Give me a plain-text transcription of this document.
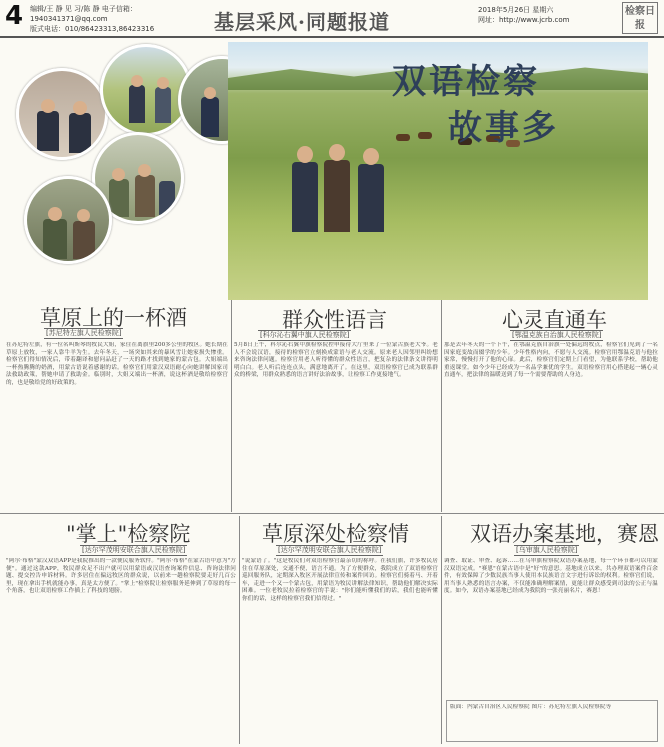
4 编辑/王 静 见 习/陈 静 电子信箱：1940341371@qq.com
版式电话：010/86423313,86423316	基层采风·同题报道	2018年5月26日 星期六
网址：http://www.jcrb.com
检察日报
双语检察
故事多
草原上的一杯酒
[苏尼特左旗人民检察院]
在苏尼特左旗，有一位名叫斯琴的牧民大姐，家住在离旗里200多公里的牧区。她长期在草原上放牧，一家人靠牛羊为生。去年冬天，一场突如其来的暴风雪让她家损失惨重。检察官们得知情况后，带着翻译和慰问品赶了一天的路才找到她家的蒙古包。大姐端出一杯热腾腾的奶酒，用蒙古语说着感谢的话。检察官们用蒙汉双语耐心向她讲解国家司法救助政策，帮她申请了救助金。临别时，大姐又端出一杯酒，说这杯酒是敬给检察官的，也是敬给党的好政策的。
群众性语言
[科尔沁右翼中旗人民检察院]
5月8日上午，科尔沁右翼中旗检察院控申接待大厅里来了一位蒙古族老大爷。老人不会说汉语，接待的检察官立刻换成蒙语与老人交流。原来老人因邻里纠纷想来咨询法律问题。检察官用老人听得懂的群众性语言，把复杂的法律条文讲得明明白白。老人听后连连点头，满意地离开了。在这里，双语检察官已成为联系群众的桥梁，用群众熟悉的语言讲好法治故事，让检察工作更接地气。
心灵直通车
[鄂温克族自治旗人民检察院]
那是去年冬天的一个下午，在鄂温克族自治旗一处偏远的牧点，检察官们见到了一名因家庭变故而辍学的少年。少年性格内向，不愿与人交流。检察官用鄂温克语与他拉家常，慢慢打开了他的心扉。此后，检察官们定期上门看望，为他联系学校，帮助他重返课堂。如今少年已经成为一名品学兼优的学生。双语检察官用心搭建起一辆心灵直通车，把法律的温暖送到了每一个需要帮助的人身边。
"掌上"检察院
[达尔罕茂明安联合旗人民检察院]
"阿尔·布格"蒙汉双语APP是我院推出的一款便民服务软件。"阿尔·布格"在蒙古语中意为"方便"。通过这款APP，牧民群众足不出户就可以用蒙语或汉语查询案件信息、咨询法律问题、提交控告申诉材料。许多居住在偏远牧区的群众说，以前来一趟检察院要走好几百公里，现在拿出手机就能办事，真是太方便了。"掌上"检察院让检察服务延伸到了草原的每一个角落，也让双语检察工作插上了科技的翅膀。
草原深处检察情
[达尔罕茂明安联合旗人民检察院]
"说蒙语了。"这是牧民们对双语检察官最亲切的称呼。在我们旗，许多牧民居住在草原深处，交通不便，语言不通。为了方便群众，我院成立了双语检察官巡回服务队，定期深入牧区开展法律宣传和案件回访。检察官们骑着马、开着车，走进一个又一个蒙古包，用蒙语为牧民讲解法律知识，帮助他们解决实际困难。一位老牧民拉着检察官的手说："你们能听懂我们的话，我们也能听懂你们的话，这样的检察官我们信得过。"
双语办案基地，赛恩
[乌审旗人民检察院]
调查、取证、审查、起诉……在乌审旗检察院双语办案基地，每一个环节都可以用蒙汉双语完成。"赛恩"在蒙古语中是"好"的意思。基地成立以来，共办理双语案件百余件，有效保障了少数民族当事人使用本民族语言文字进行诉讼的权利。检察官们说，用当事人熟悉的语言办案，不仅能准确理解案情，更能让群众感受到司法的公正与温度。如今，双语办案基地已经成为我院的一张亮丽名片，赛恩！
版面：内蒙古自治区人民检察院 图片：苏尼特左旗人民检察院等
